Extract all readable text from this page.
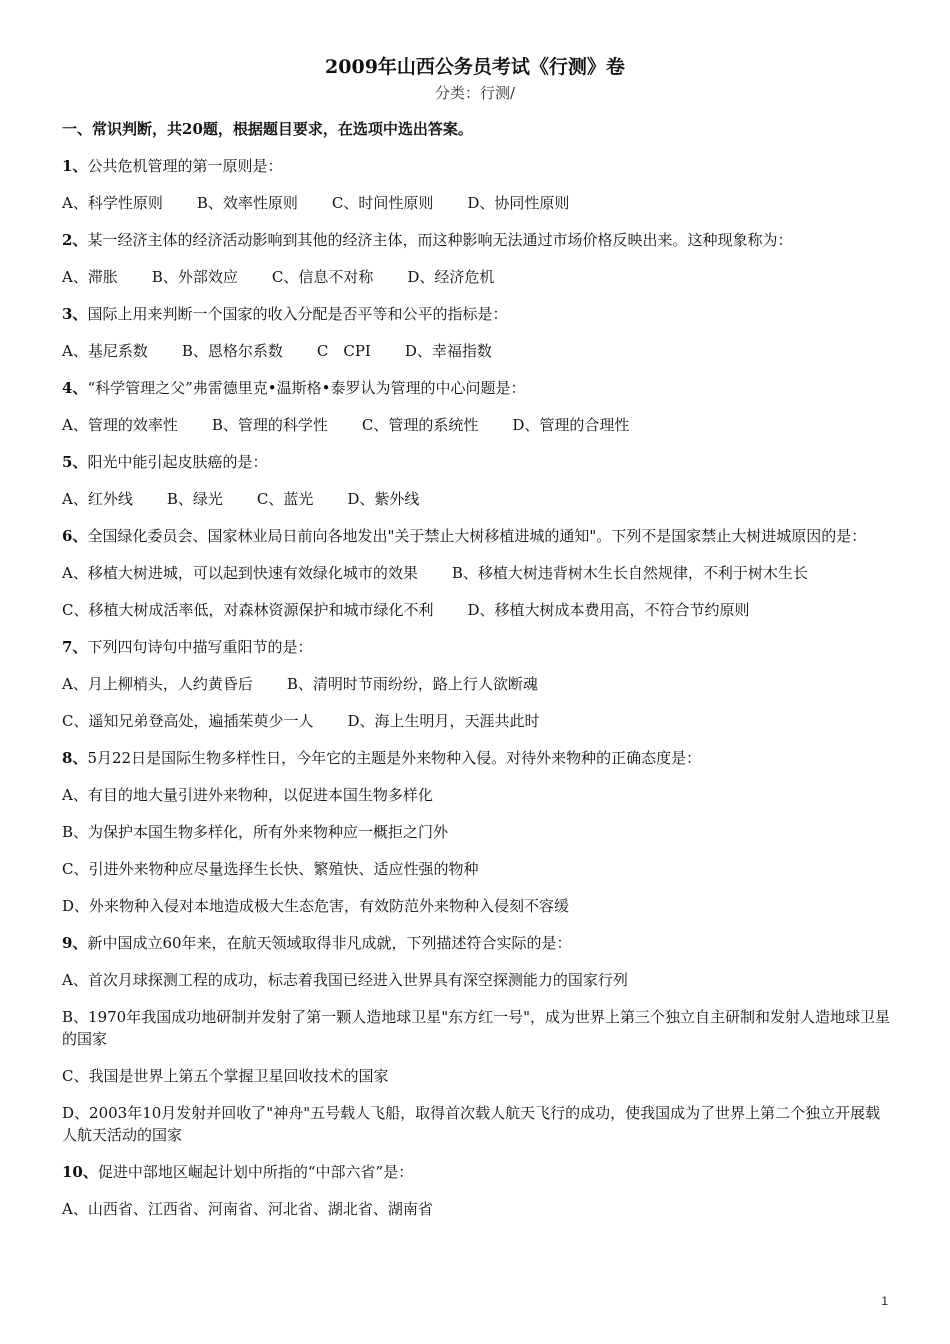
2009年山西公务员考试《行测》卷
分类：行测/
一、常识判断，共20题，根据题目要求，在选项中选出答案。
1、公共危机管理的第一原则是：
A、科学性原则 B、效率性原则 C、时间性原则 D、协同性原则
2、某一经济主体的经济活动影响到其他的经济主体，而这种影响无法通过市场价格反映出来。这种现象称为：
A、滞胀 B、外部效应 C、信息不对称 D、经济危机
3、国际上用来判断一个国家的收入分配是否平等和公平的指标是：
A、基尼系数 B、恩格尔系数 C　CPI D、幸福指数
4、“科学管理之父”弗雷德里克•温斯格•泰罗认为管理的中心问题是：
A、管理的效率性 B、管理的科学性 C、管理的系统性 D、管理的合理性
5、阳光中能引起皮肤癌的是：
A、红外线 B、绿光 C、蓝光 D、紫外线
6、全国绿化委员会、国家林业局日前向各地发出"关于禁止大树移植进城的通知"。下列不是国家禁止大树进城原因的是：
A、移植大树进城，可以起到快速有效绿化城市的效果 B、移植大树违背树木生长自然规律，不利于树木生长
C、移植大树成活率低，对森林资源保护和城市绿化不利 D、移植大树成本费用高，不符合节约原则
7、下列四句诗句中描写重阳节的是：
A、月上柳梢头，人约黄昏后 B、清明时节雨纷纷，路上行人欲断魂
C、遥知兄弟登高处，遍插茱萸少一人 D、海上生明月，天涯共此时
8、5月22日是国际生物多样性日，今年它的主题是外来物种入侵。对待外来物种的正确态度是：
A、有目的地大量引进外来物种，以促进本国生物多样化
B、为保护本国生物多样化，所有外来物种应一概拒之门外
C、引进外来物种应尽量选择生长快、繁殖快、适应性强的物种
D、外来物种入侵对本地造成极大生态危害，有效防范外来物种入侵刻不容缓
9、新中国成立60年来，在航天领域取得非凡成就，下列描述符合实际的是：
A、首次月球探测工程的成功，标志着我国已经进入世界具有深空探测能力的国家行列
B、1970年我国成功地研制并发射了第一颗人造地球卫星"东方红一号"，成为世界上第三个独立自主研制和发射人造地球卫星的国家
C、我国是世界上第五个掌握卫星回收技术的国家
D、2003年10月发射并回收了"神舟"五号载人飞船，取得首次载人航天飞行的成功，使我国成为了世界上第二个独立开展载人航天活动的国家
10、促进中部地区崛起计划中所指的“中部六省”是：
A、山西省、江西省、河南省、河北省、湖北省、湖南省
1
